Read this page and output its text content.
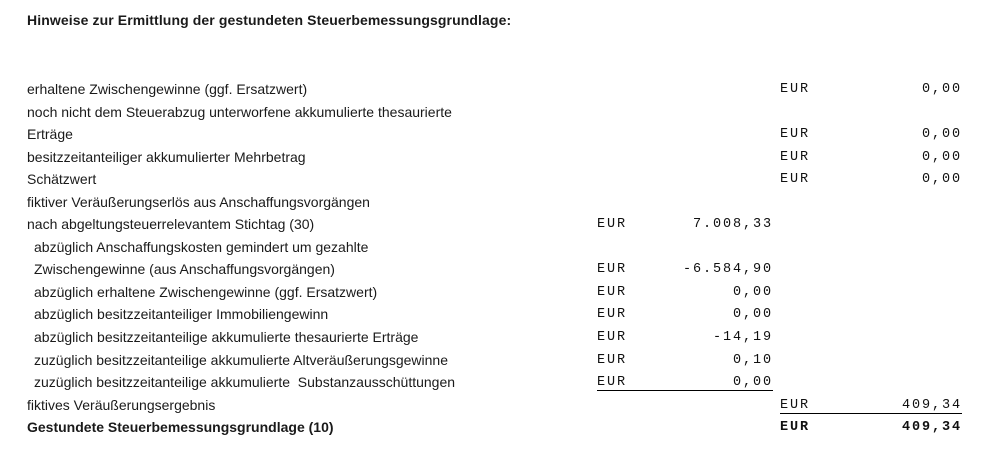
Hinweise zur Ermittlung der gestundeten Steuerbemessungsgrundlage:
erhaltene Zwischengewinne (ggf. Ersatzwert)	EUR	0,00
noch nicht dem Steuerabzug unterworfene akkumulierte thesaurierte
Erträge	EUR	0,00
besitzzeitanteiliger akkumulierter Mehrbetrag	EUR	0,00
Schätzwert	EUR	0,00
fiktiver Veräußerungserlös aus Anschaffungsvorgängen
nach abgeltungsteuerrelevantem Stichtag (30)	EUR	7.008,33
abzüglich Anschaffungskosten gemindert um gezahlte
Zwischengewinne (aus Anschaffungsvorgängen)	EUR	-6.584,90
abzüglich erhaltene Zwischengewinne (ggf. Ersatzwert)	EUR	0,00
abzüglich besitzzeitanteiliger Immobiliengewinn	EUR	0,00
abzüglich besitzzeitanteilige akkumulierte thesaurierte Erträge	EUR	-14,19
zuzüglich besitzzeitanteilige akkumulierte Altveräußerungsgewinne	EUR	0,10
zuzüglich besitzzeitanteilige akkumulierte  Substanzausschüttungen	EUR	0,00
fiktives Veräußerungsergebnis	EUR	409,34
Gestundete Steuerbemessungsgrundlage (10)	EUR	409,34
